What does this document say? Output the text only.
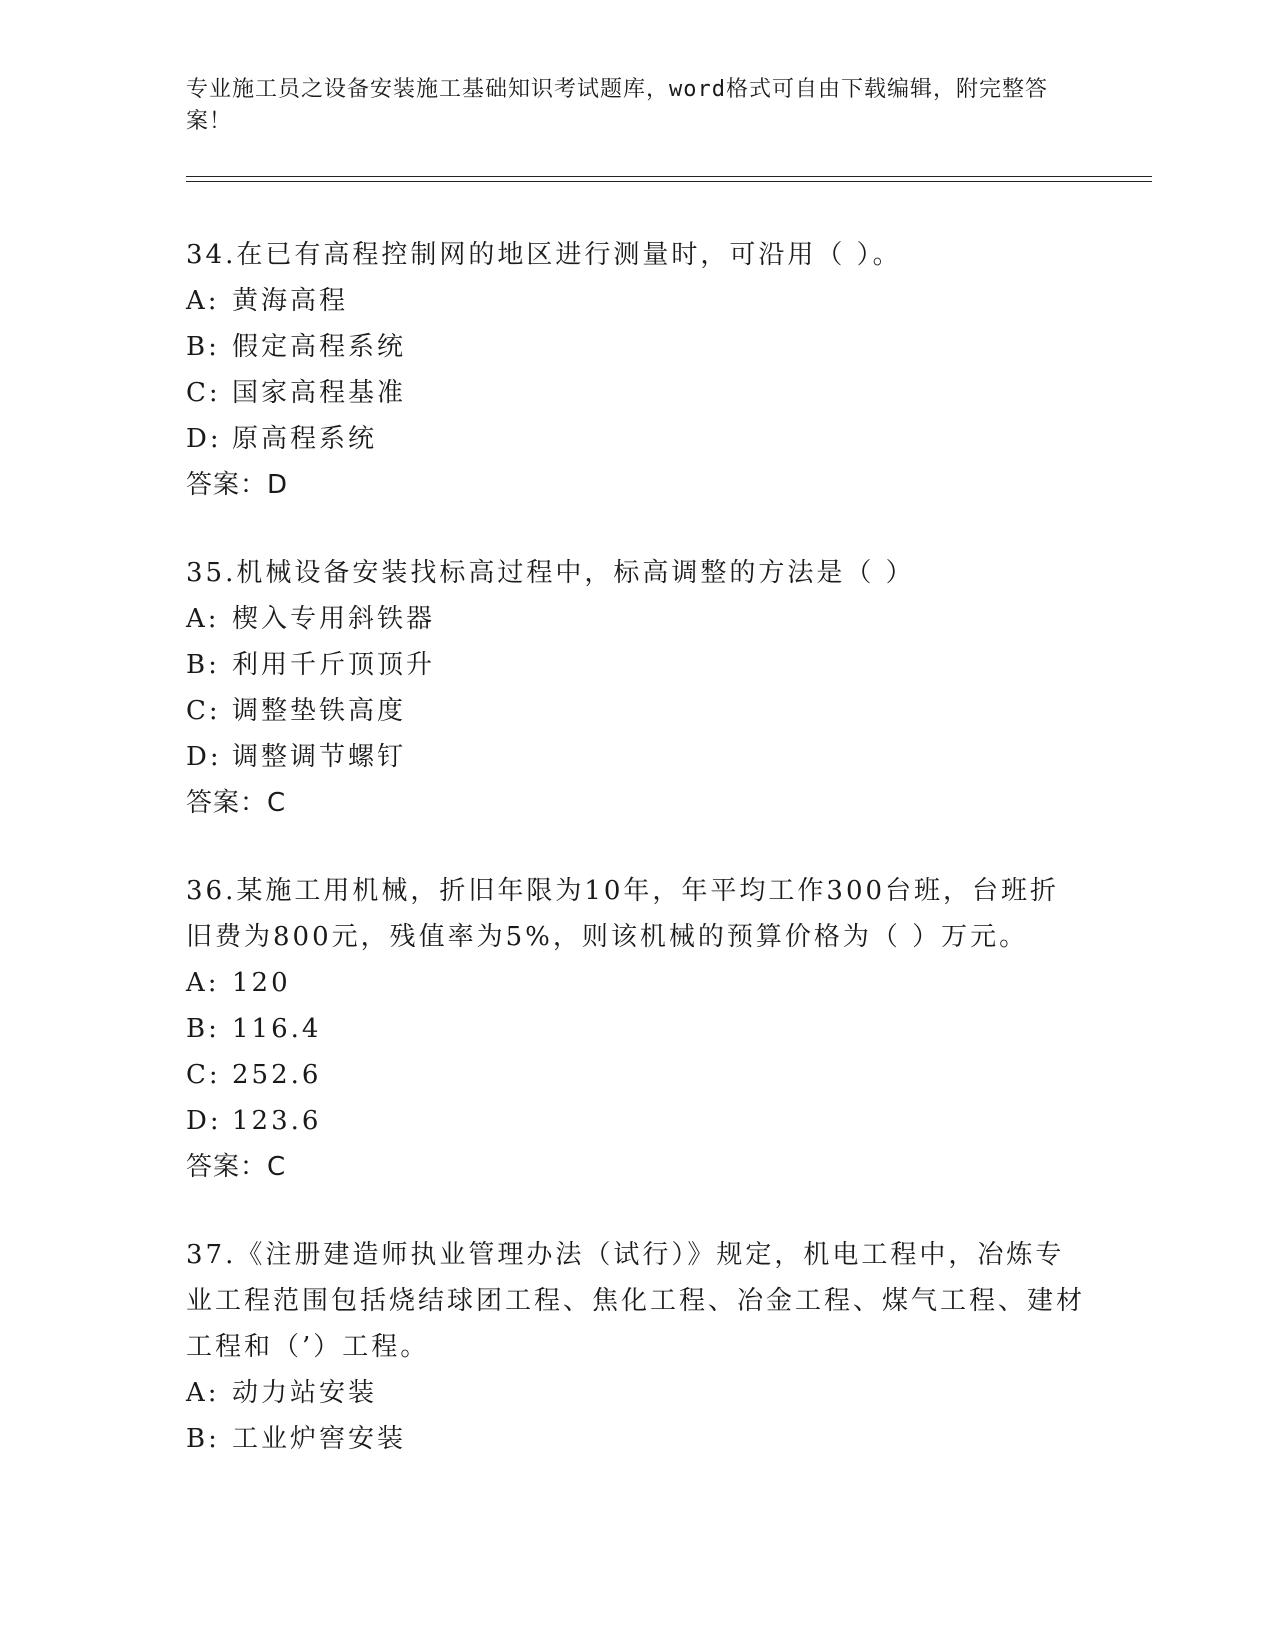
专业施工员之设备安装施工基础知识考试题库，word格式可自由下载编辑，附完整答案！

34.在已有高程控制网的地区进行测量时，可沿用（ ）。

A: 黄海高程

B: 假定高程系统

C: 国家高程基准

D: 原高程系统

答案：D

35.机械设备安装找标高过程中，标高调整的方法是（ ）

A: 楔入专用斜铁器

B: 利用千斤顶顶升

C: 调整垫铁高度

D: 调整调节螺钉

答案：C

36.某施工用机械，折旧年限为10年，年平均工作300台班，台班折旧费为800元，残值率为5%，则该机械的预算价格为（ ）万元。

A: 120

B: 116.4

C: 252.6

D: 123.6

答案：C

37.《注册建造师执业管理办法（试行）》规定，机电工程中，冶炼专业工程范围包括烧结球团工程、焦化工程、冶金工程、煤气工程、建材工程和（’）工程。

A: 动力站安装

B: 工业炉窖安装
